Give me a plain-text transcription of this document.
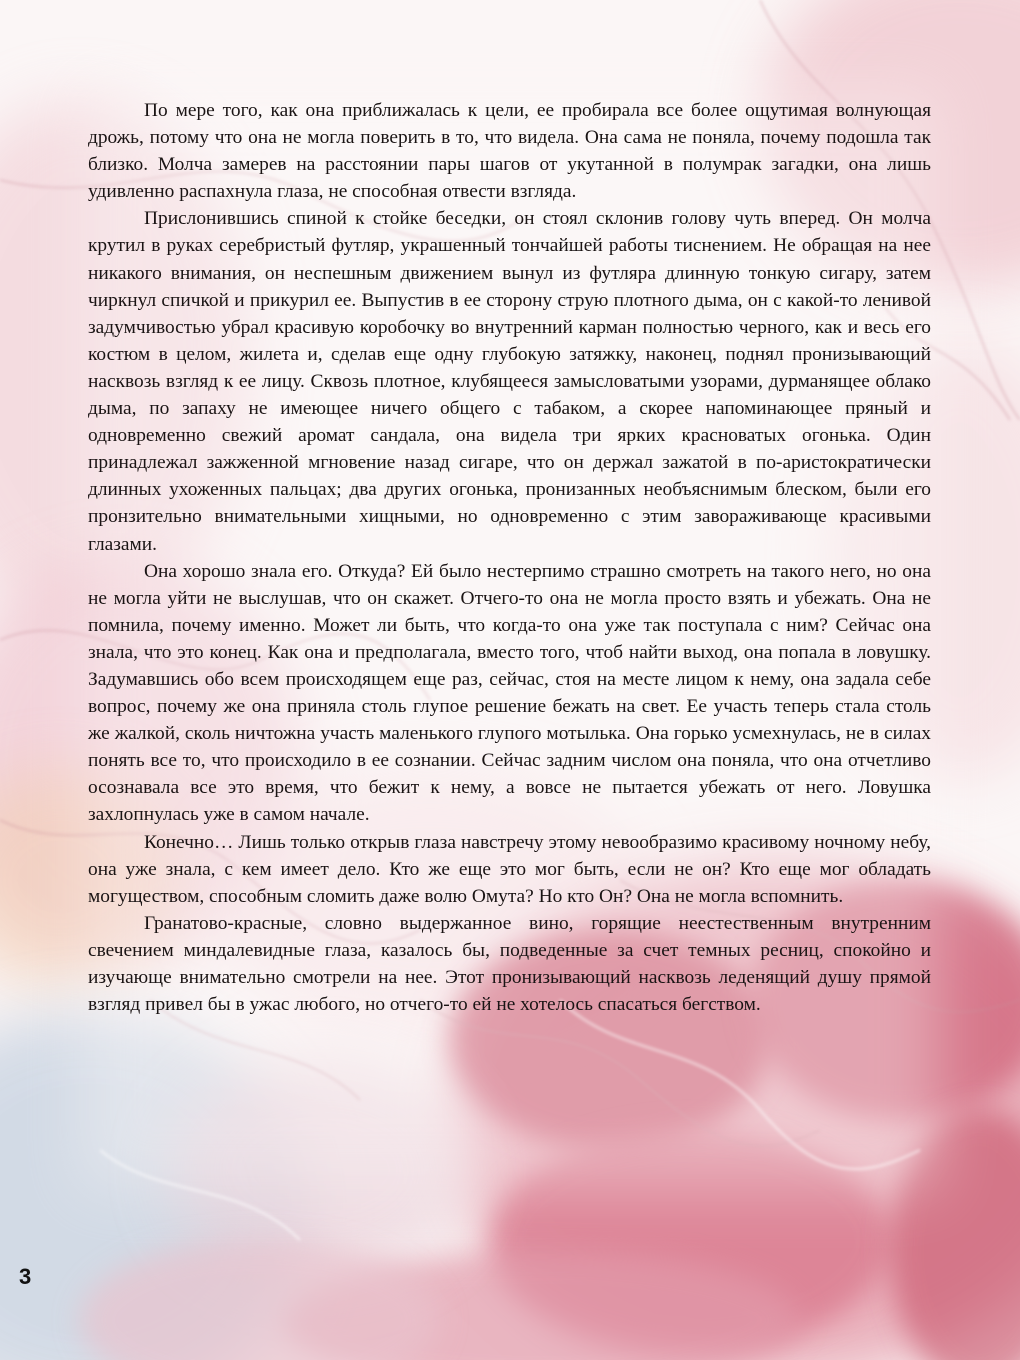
По мере того, как она приближалась к цели, ее пробирала все более ощутимая волнующая дрожь, потому что она не могла поверить в то, что видела. Она сама не поняла, почему подошла так близко. Молча замерев на расстоянии пары шагов от укутанной в полумрак загадки, она лишь удивленно распахнула глаза, не способная отвести взгляда.

Прислонившись спиной к стойке беседки, он стоял склонив голову чуть вперед. Он молча крутил в руках серебристый футляр, украшенный тончайшей работы тиснением. Не обращая на нее никакого внимания, он неспешным движением вынул из футляра длинную тонкую сигару, затем чиркнул спичкой и прикурил ее. Выпустив в ее сторону струю плотного дыма, он с какой-то ленивой задумчивостью убрал красивую коробочку во внутренний карман полностью черного, как и весь его костюм в целом, жилета и, сделав еще одну глубокую затяжку, наконец, поднял пронизывающий насквозь взгляд к ее лицу. Сквозь плотное, клубящееся замысловатыми узорами, дурманящее облако дыма, по запаху не имеющее ничего общего с табаком, а скорее напоминающее пряный и одновременно свежий аромат сандала, она видела три ярких красноватых огонька. Один принадлежал зажженной мгновение назад сигаре, что он держал зажатой в по-аристократически длинных ухоженных пальцах; два других огонька, пронизанных необъяснимым блеском, были его пронзительно внимательными хищными, но одновременно с этим завораживающе красивыми глазами.

Она хорошо знала его. Откуда? Ей было нестерпимо страшно смотреть на такого него, но она не могла уйти не выслушав, что он скажет. Отчего-то она не могла просто взять и убежать. Она не помнила, почему именно. Может ли быть, что когда-то она уже так поступала с ним? Сейчас она знала, что это конец. Как она и предполагала, вместо того, чтоб найти выход, она попала в ловушку. Задумавшись обо всем происходящем еще раз, сейчас, стоя на месте лицом к нему, она задала себе вопрос, почему же она приняла столь глупое решение бежать на свет. Ее участь теперь стала столь же жалкой, сколь ничтожна участь маленького глупого мотылька. Она горько усмехнулась, не в силах понять все то, что происходило в ее сознании. Сейчас задним числом она поняла, что она отчетливо осознавала все это время, что бежит к нему, а вовсе не пытается убежать от него. Ловушка захлопнулась уже в самом начале.

Конечно… Лишь только открыв глаза навстречу этому невообразимо красивому ночному небу, она уже знала, с кем имеет дело. Кто же еще это мог быть, если не он? Кто еще мог обладать могуществом, способным сломить даже волю Омута? Но кто Он? Она не могла вспомнить.

Гранатово-красные, словно выдержанное вино, горящие неестественным внутренним свечением миндалевидные глаза, казалось бы, подведенные за счет темных ресниц, спокойно и изучающе внимательно смотрели на нее. Этот пронизывающий насквозь леденящий душу прямой взгляд привел бы в ужас любого, но отчего-то ей не хотелось спасаться бегством.

3
